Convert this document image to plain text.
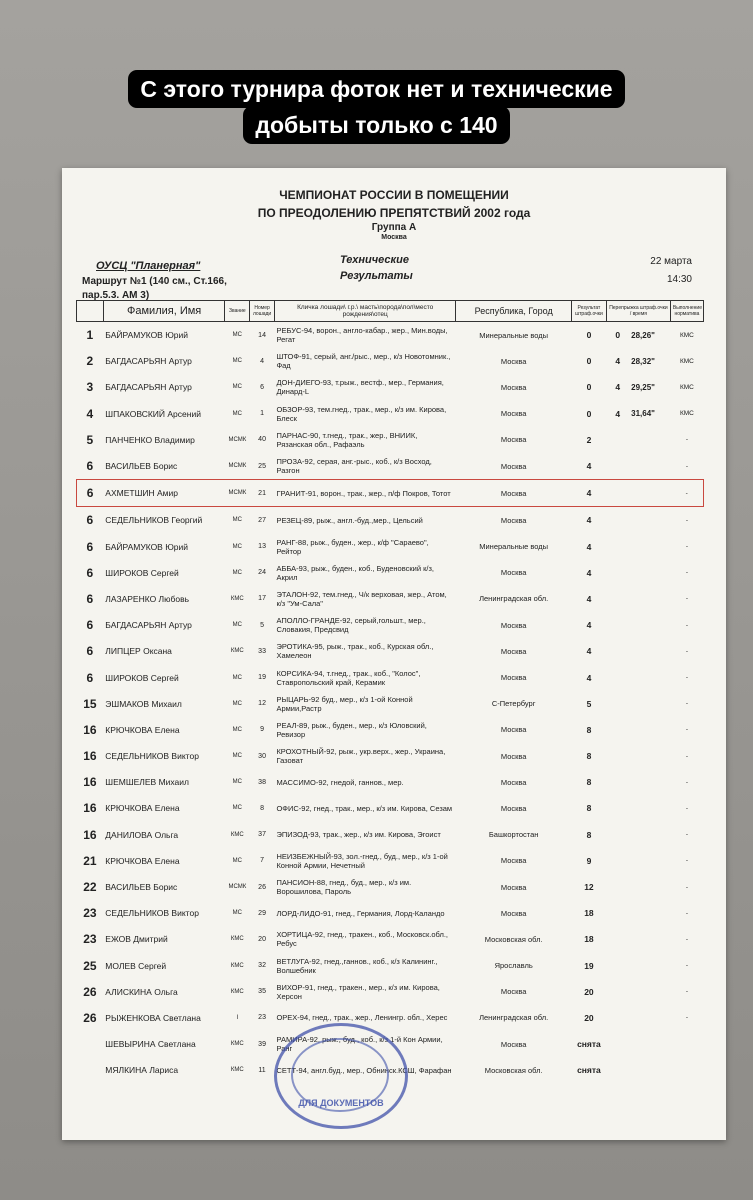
С этого турнира фоток нет и технические
добыты только с 140
ЧЕМПИОНАТ РОССИИ В ПОМЕЩЕНИИ
ПО ПРЕОДОЛЕНИЮ ПРЕПЯТСТВИЙ 2002 года
Группа А
Москва
ОУСЦ "Планерная"
Маршрут №1 (140 см., Ст.166,
пар.5.3. АМ 3)
Технические
Результаты
22 марта
14:30
	Фамилия, Имя	Звание	Номер лошади	Кличка лошади\ г.р.\ масть\порода\пол\место рождения\отец	Республика, Город	Результат штраф.очки	Перепрыжка штраф.очки / время		Выполнение норматива
1	БАЙРАМУКОВ Юрий	МС	14	РЕБУС-94, ворон., англо-кабар., жер., Мин.воды, Регат	Минеральные воды	0	0	28,26"	КМС
2	БАГДАСАРЬЯН Артур	МС	4	ШТОФ-91, серый, анг./рыс., мер., к/з Новотомник., Фад	Москва	0	4	28,32"	КМС
3	БАГДАСАРЬЯН Артур	МС	6	ДОН-ДИЕГО-93, т.рыж., вестф., мер., Германия, Динард-L	Москва	0	4	29,25"	КМС
4	ШПАКОВСКИЙ Арсений	МС	1	ОБЗОР-93, тем.гнед., трак., мер., к/з им. Кирова, Блеск	Москва	0	4	31,64"	КМС
5	ПАНЧЕНКО Владимир	МСМК	40	ПАРНАС-90, т.гнед., трак., жер., ВНИИК, Рязанская обл., Рафаэль	Москва	2			-
6	ВАСИЛЬЕВ Борис	МСМК	25	ПРОЗА-92, серая, анг.-рыс., коб., к/з Восход, Разгон	Москва	4			-
6	АХМЕТШИН Амир	МСМК	21	ГРАНИТ-91, ворон., трак., жер., п/ф Покров, Тотот	Москва	4			-
6	СЕДЕЛЬНИКОВ Георгий	МС	27	РЕЗЕЦ-89, рыж., англ.-буд.,мер., Цельсий	Москва	4			-
6	БАЙРАМУКОВ Юрий	МС	13	РАНГ-88, рыж., буден., жер., к/ф "Сараево", Рейтор	Минеральные воды	4			-
6	ШИРОКОВ Сергей	МС	24	АББА-93, рыж., буден., коб., Буденовский к/з, Акрил	Москва	4			-
6	ЛАЗАРЕНКО Любовь	КМС	17	ЭТАЛОН-92, тем.гнед., Ч/к верховая, жер., Атом, к/з "Ум-Сала"	Ленинградская обл.	4			-
6	БАГДАСАРЬЯН Артур	МС	5	АПОЛЛО-ГРАНДЕ-92, серый,гольшт., мер., Словакия, Предсвид	Москва	4			-
6	ЛИПЦЕР Оксана	КМС	33	ЭРОТИКА-95, рыж., трак., коб., Курская обл., Хамелеон	Москва	4			-
6	ШИРОКОВ Сергей	МС	19	КОРСИКА-94, т.гнед., трак., коб., "Колос", Ставропольский край, Керамик	Москва	4			-
15	ЭШМАКОВ Михаил	МС	12	РЫЦАРЬ-92 буд., мер., к/з 1-ой Конной Армии,Растр	С-Петербург	5			-
16	КРЮЧКОВА Елена	МС	9	РЕАЛ-89, рыж., буден., мер., к/з Юловский, Ревизор	Москва	8			-
16	СЕДЕЛЬНИКОВ Виктор	МС	30	КРОХОТНЫЙ-92, рыж., укр.верх., жер., Украина, Газоват	Москва	8			-
16	ШЕМШЕЛЕВ Михаил	МС	38	МАССИМО-92, гнедой, ганнов., мер.	Москва	8			-
16	КРЮЧКОВА Елена	МС	8	ОФИС-92, гнед., трак., мер., к/з им. Кирова, Сезам	Москва	8			-
16	ДАНИЛОВА Ольга	КМС	37	ЭПИЗОД-93, трак., жер., к/з им. Кирова, Эгоист	Башкортостан	8			-
21	КРЮЧКОВА Елена	МС	7	НЕИЗБЕЖНЫЙ-93, зол.-гнед., буд., мер., к/з 1-ой Конной Армии, Нечетный	Москва	9			-
22	ВАСИЛЬЕВ Борис	МСМК	26	ПАНСИОН-88, гнед., буд., мер., к/з им. Ворошилова, Пароль	Москва	12			-
23	СЕДЕЛЬНИКОВ Виктор	МС	29	ЛОРД-ЛИДО-91, гнед., Германия, Лорд-Каландо	Москва	18			-
23	ЕЖОВ Дмитрий	КМС	20	ХОРТИЦА-92, гнед., тракен., коб., Московск.обл., Ребус	Московская обл.	18			-
25	МОЛЕВ Сергей	КМС	32	ВЕТЛУГА-92, гнед.,ганнов., коб., к/з Калининг., Волшебник	Ярославль	19			-
26	АЛИСКИНА Ольга	КМС	35	ВИХОР-91, гнед., тракен., мер., к/з им. Кирова, Херсон	Москва	20			-
26	РЫЖЕНКОВА Светлана	I	23	ОРЕХ-94, гнед., трак., жер., Ленингр. обл., Херес	Ленинградская обл.	20			-
	ШЕВЫРИНА Светлана	КМС	39	РАМИРА-92, рыж., буд., коб., к/з 1-й Кон Армии, Ранг	Москва	снята			
	МЯЛКИНА Лариса	КМС	11	СЕТТ-94, англ.буд., мер., Обнинск.КСШ, Фарафан	Московская обл.	снята			
ДЛЯ ДОКУМЕНТОВ
